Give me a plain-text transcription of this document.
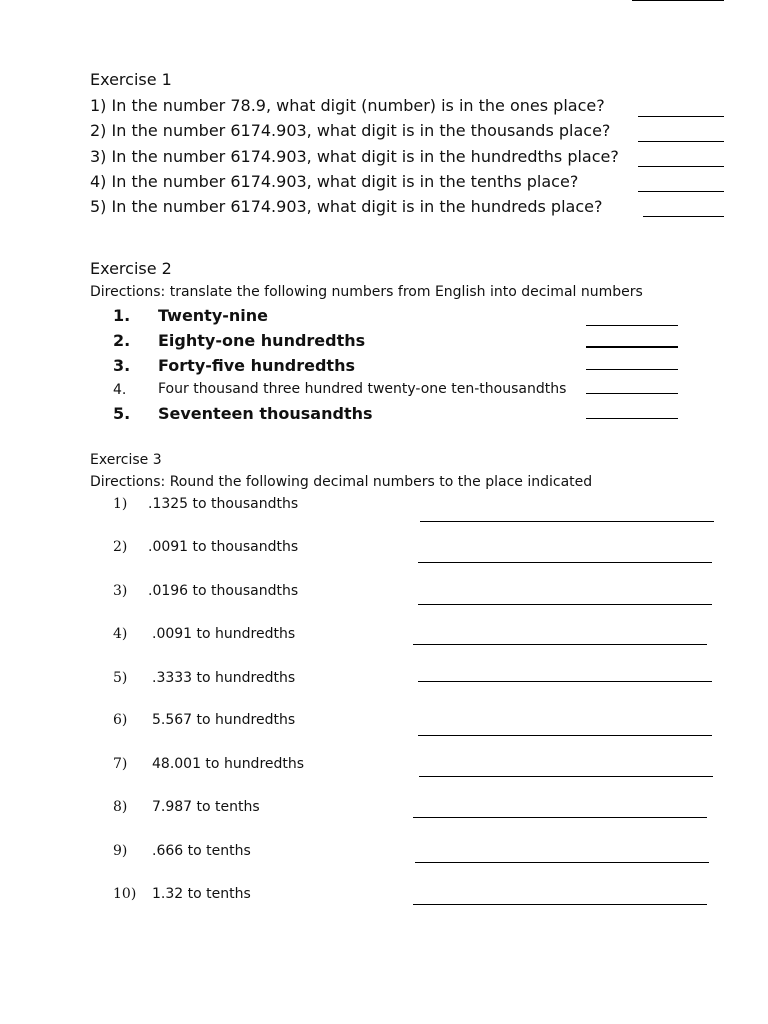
Exercise 1
1) In the number 78.9, what digit (number) is in the ones place?
2) In the number 6174.903, what digit is in the thousands place?
3) In the number 6174.903, what digit is in the hundredths place?
4) In the number 6174.903, what digit is in the tenths place?
5) In the number 6174.903, what digit is in the hundreds place?
Exercise 2
Directions: translate the following numbers from English into decimal numbers
1. Twenty-nine
2. Eighty-one hundredths
3. Forty-five hundredths
4. Four thousand three hundred twenty-one ten-thousandths
5. Seventeen thousandths
Exercise 3
Directions: Round the following decimal numbers to the place indicated
1) .1325 to thousandths
2) .0091 to thousandths
3) .0196 to thousandths
4) .0091 to hundredths
5) .3333 to hundredths
6) 5.567 to hundredths
7) 48.001 to hundredths
8) 7.987 to tenths
9) .666 to tenths
10) 1.32 to tenths
